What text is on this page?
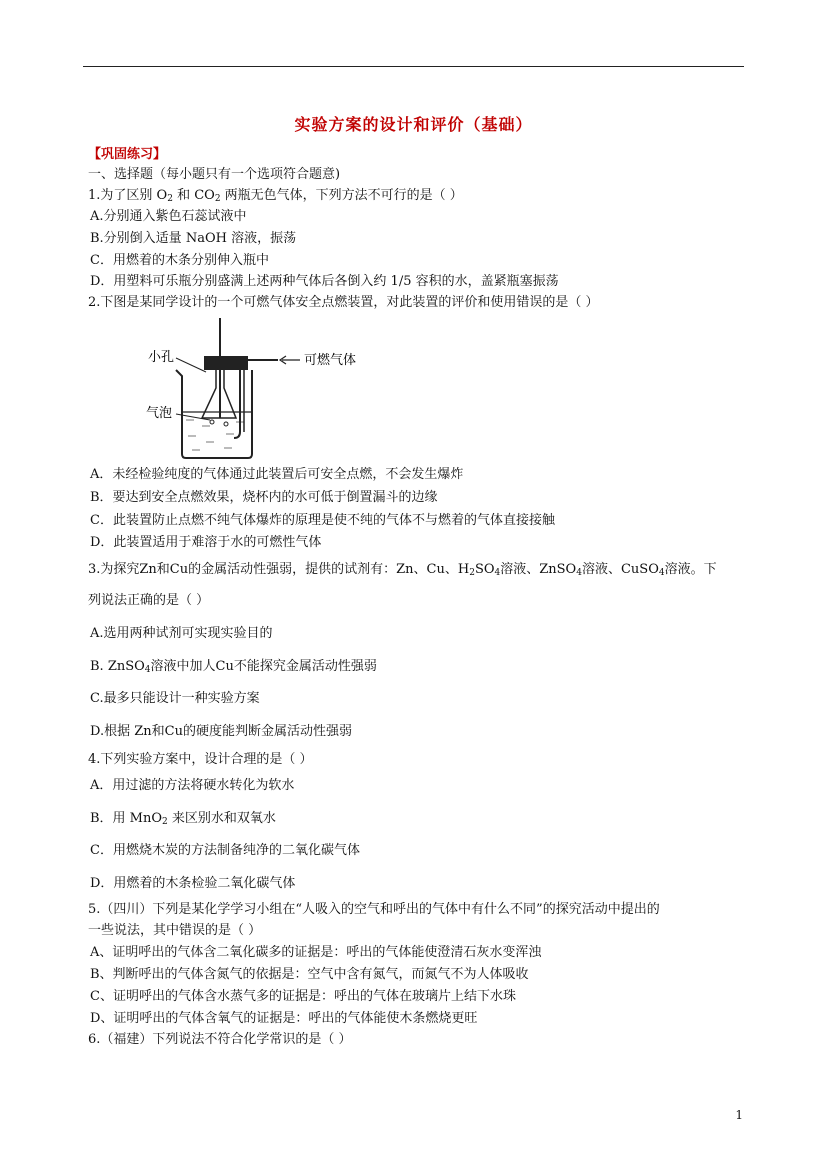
实验方案的设计和评价（基础）
【巩固练习】
一、选择题（每小题只有一个选项符合题意)
1.为了区别 $O_2$ 和 $CO_2$ 两瓶无色气体，下列方法不可行的是（ ）
A.分别通入紫色石蕊试液中
B.分别倒入适量 NaOH 溶液，振荡
C．用燃着的木条分别伸入瓶中
D．用塑料可乐瓶分别盛满上述两种气体后各倒入约 1/5 容积的水，盖紧瓶塞振荡
2.下图是某同学设计的一个可燃气体安全点燃装置，对此装置的评价和使用错误的是（ ）
小孔	可燃气体
气泡
A．未经检验纯度的气体通过此装置后可安全点燃，不会发生爆炸
B．要达到安全点燃效果，烧杯内的水可低于倒置漏斗的边缘
C．此装置防止点燃不纯气体爆炸的原理是使不纯的气体不与燃着的气体直接接触
D．此装置适用于难溶于水的可燃性气体
3.为探究Zn和Cu的金属活动性强弱，提供的试剂有：Zn、Cu、$H_2SO_4$溶液、ZnSO$_4$溶液、CuSO$_4$溶液。下
列说法正确的是（ ）
A.选用两种试剂可实现实验目的
B. ZnSO$_4$溶液中加人Cu不能探究金属活动性强弱
C.最多只能设计一种实验方案
D.根据 Zn和Cu的硬度能判断金属活动性强弱
4.下列实验方案中，设计合理的是（ ）
A．用过滤的方法将硬水转化为软水
B．用 MnO$_2$ 来区别水和双氧水
C．用燃烧木炭的方法制备纯净的二氧化碳气体
D．用燃着的木条检验二氧化碳气体
5.（四川）下列是某化学学习小组在“人吸入的空气和呼出的气体中有什么不同”的探究活动中提出的
一些说法，其中错误的是（ ）
A、证明呼出的气体含二氧化碳多的证据是：呼出的气体能使澄清石灰水变浑浊
B、判断呼出的气体含氮气的依据是：空气中含有氮气，而氮气不为人体吸收
C、证明呼出的气体含水蒸气多的证据是：呼出的气体在玻璃片上结下水珠
D、证明呼出的气体含氧气的证据是：呼出的气体能使木条燃烧更旺
6.（福建）下列说法不符合化学常识的是（ ）
1
